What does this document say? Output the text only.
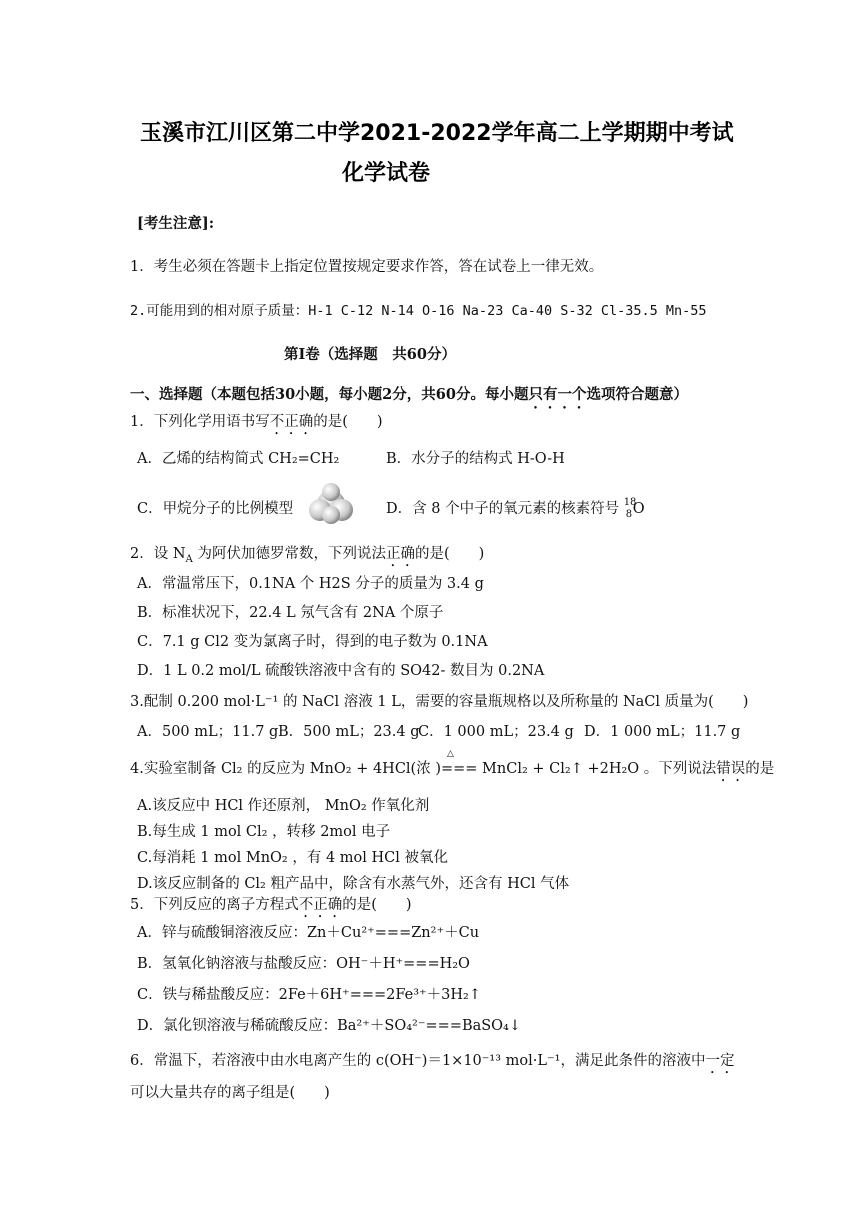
玉溪市江川区第二中学2021-2022学年高二上学期期中考试
化学试卷
[考生注意]:
1．考生必须在答题卡上指定位置按规定要求作答，答在试卷上一律无效。
2.可能用到的相对原子质量：H-1 C-12 N-14 O-16 Na-23 Ca-40 S-32 Cl-35.5 Mn-55
第Ⅰ卷（选择题　共60分）
一、选择题（本题包括30小题，每小题2分，共60分。每小题只有一个选项符合题意）
1．下列化学用语书写不正确的是(　　)
A．乙烯的结构简式 CH₂=CH₂	B．水分子的结构式 H-O-H
C．甲烷分子的比例模型	D．含 8 个中子的氧元素的核素符号 18
8 O
2．设 $N_A$ 为阿伏加德罗常数，下列说法正确的是(　　)
A．常温常压下，0.1NA 个 H2S 分子的质量为 3.4 g
B．标准状况下，22.4 L 氖气含有 2NA 个原子
C．7.1 g Cl2 变为氯离子时，得到的电子数为 0.1NA
D．1 L 0.2 mol/L 硫酸铁溶液中含有的 SO42- 数目为 0.2NA
3.配制 0.200 mol·L⁻¹ 的 NaCl 溶液 1 L，需要的容量瓶规格以及所称量的 NaCl 质量为(　　)
A．500 mL；11.7 g B．500 mL；23.4 g
C．1 000 mL；23.4 g D．1 000 mL；11.7 g
4.实验室制备 Cl₂ 的反应为 MnO₂ + 4HCl(浓 )
△
=== MnCl₂ + Cl₂↑ +2H₂O 。下列说法错误的是
A.该反应中 HCl 作还原剂， MnO₂ 作氧化剂
B.每生成 1 mol Cl₂ ，转移 2mol 电子
C.每消耗 1 mol MnO₂ ，有 4 mol HCl 被氧化
D.该反应制备的 Cl₂ 粗产品中，除含有水蒸气外，还含有 HCl 气体
5．下列反应的离子方程式不正确的是(　　)
A．锌与硫酸铜溶液反应：Zn＋Cu²⁺===Zn²⁺＋Cu
B．氢氧化钠溶液与盐酸反应：OH⁻＋H⁺===H₂O
C．铁与稀盐酸反应：2Fe＋6H⁺===2Fe³⁺＋3H₂↑
D．氯化钡溶液与稀硫酸反应：Ba²⁺＋SO₄²⁻===BaSO₄↓
6．常温下，若溶液中由水电离产生的 c(OH⁻)＝1×10⁻¹³ mol·L⁻¹，满足此条件的溶液中一定
可以大量共存的离子组是(　　)
